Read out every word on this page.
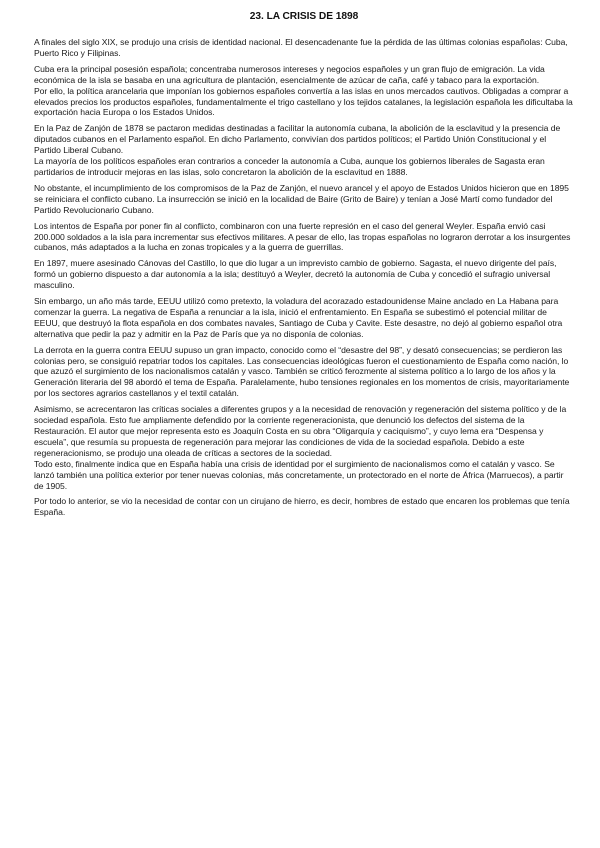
23. LA CRISIS DE 1898

A finales del siglo XIX, se produjo una crisis de identidad nacional. El desencadenante fue la pérdida de las últimas colonias españolas: Cuba, Puerto Rico y Filipinas.

Cuba era la principal posesión española; concentraba numerosos intereses y negocios españoles y un gran flujo de emigración. La vida económica de la isla se basaba en una agricultura de plantación, esencialmente de azúcar de caña, café y tabaco para la exportación.

Por ello, la política arancelaria que imponían los gobiernos españoles convertía a las islas en unos mercados cautivos. Obligadas a comprar a elevados precios los productos españoles, fundamentalmente el trigo castellano y los tejidos catalanes, la legislación española les dificultaba la exportación hacia Europa o los Estados Unidos.

En la Paz de Zanjón de 1878 se pactaron medidas destinadas a facilitar la autonomía cubana, la abolición de la esclavitud y la presencia de diputados cubanos en el Parlamento español. En dicho Parlamento, convivían dos partidos políticos; el Partido Unión Constitucional y el Partido Liberal Cubano.

La mayoría de los políticos españoles eran contrarios a conceder la autonomía a Cuba, aunque los gobiernos liberales de Sagasta eran partidarios de introducir mejoras en las islas, solo concretaron la abolición de la esclavitud en 1888.

No obstante, el incumplimiento de los compromisos de la Paz de Zanjón, el nuevo arancel y el apoyo de Estados Unidos hicieron que en 1895 se reiniciara el conflicto cubano. La insurrección se inició en la localidad de Baire (Grito de Baire) y tenían a José Martí como fundador del Partido Revolucionario Cubano.

Los intentos de España por poner fin al conflicto, combinaron con una fuerte represión en el caso del general Weyler. España envió casi 200.000 soldados a la isla para incrementar sus efectivos militares. A pesar de ello, las tropas españolas no lograron derrotar a los insurgentes cubanos, más adaptados a la lucha en zonas tropicales y a la guerra de guerrillas.

En 1897, muere asesinado Cánovas del Castillo, lo que dio lugar a un imprevisto cambio de gobierno. Sagasta, el nuevo dirigente del país, formó un gobierno dispuesto a dar autonomía a la isla; destituyó a Weyler, decretó la autonomía de Cuba y concedió el sufragio universal masculino.

Sin embargo, un año más tarde, EEUU utilizó como pretexto, la voladura del acorazado estadounidense Maine anclado en La Habana para comenzar la guerra. La negativa de España a renunciar a la isla, inició el enfrentamiento. En España se subestimó el potencial militar de EEUU, que destruyó la flota española en dos combates navales, Santiago de Cuba y Cavite. Este desastre, no dejó al gobierno español otra alternativa que pedir la paz y admitir en la Paz de París que ya no disponía de colonias.

La derrota en la guerra contra EEUU supuso un gran impacto, conocido como el “desastre del 98”, y desató consecuencias; se perdieron las colonias pero, se consiguió repatriar todos los capitales. Las consecuencias ideológicas fueron el cuestionamiento de España como nación, lo que azuzó el surgimiento de los nacionalismos catalán y vasco. También se criticó ferozmente al sistema político a lo largo de los años y la Generación literaria del 98 abordó el tema de España. Paralelamente, hubo tensiones regionales en los momentos de crisis, mayoritariamente por los sectores agrarios castellanos y el textil catalán.

Asimismo, se acrecentaron las críticas sociales a diferentes grupos y a la necesidad de renovación y regeneración del sistema político y de la sociedad española. Esto fue ampliamente defendido por la corriente regeneracionista, que denunció los defectos del sistema de la Restauración. El autor que mejor representa esto es Joaquín Costa en su obra “Oligarquía y caciquismo”, y cuyo lema era “Despensa y escuela”, que resumía su propuesta de regeneración para mejorar las condiciones de vida de la sociedad española. Debido a este regeneracionismo, se produjo una oleada de críticas a sectores de la sociedad.

Todo esto, finalmente indica que en España había una crisis de identidad por el surgimiento de nacionalismos como el catalán y vasco. Se lanzó también una política exterior por tener nuevas colonias, más concretamente, un protectorado en el norte de África (Marruecos), a partir de 1905.

Por todo lo anterior, se vio la necesidad de contar con un cirujano de hierro, es decir, hombres de estado que encaren los problemas que tenía España.
